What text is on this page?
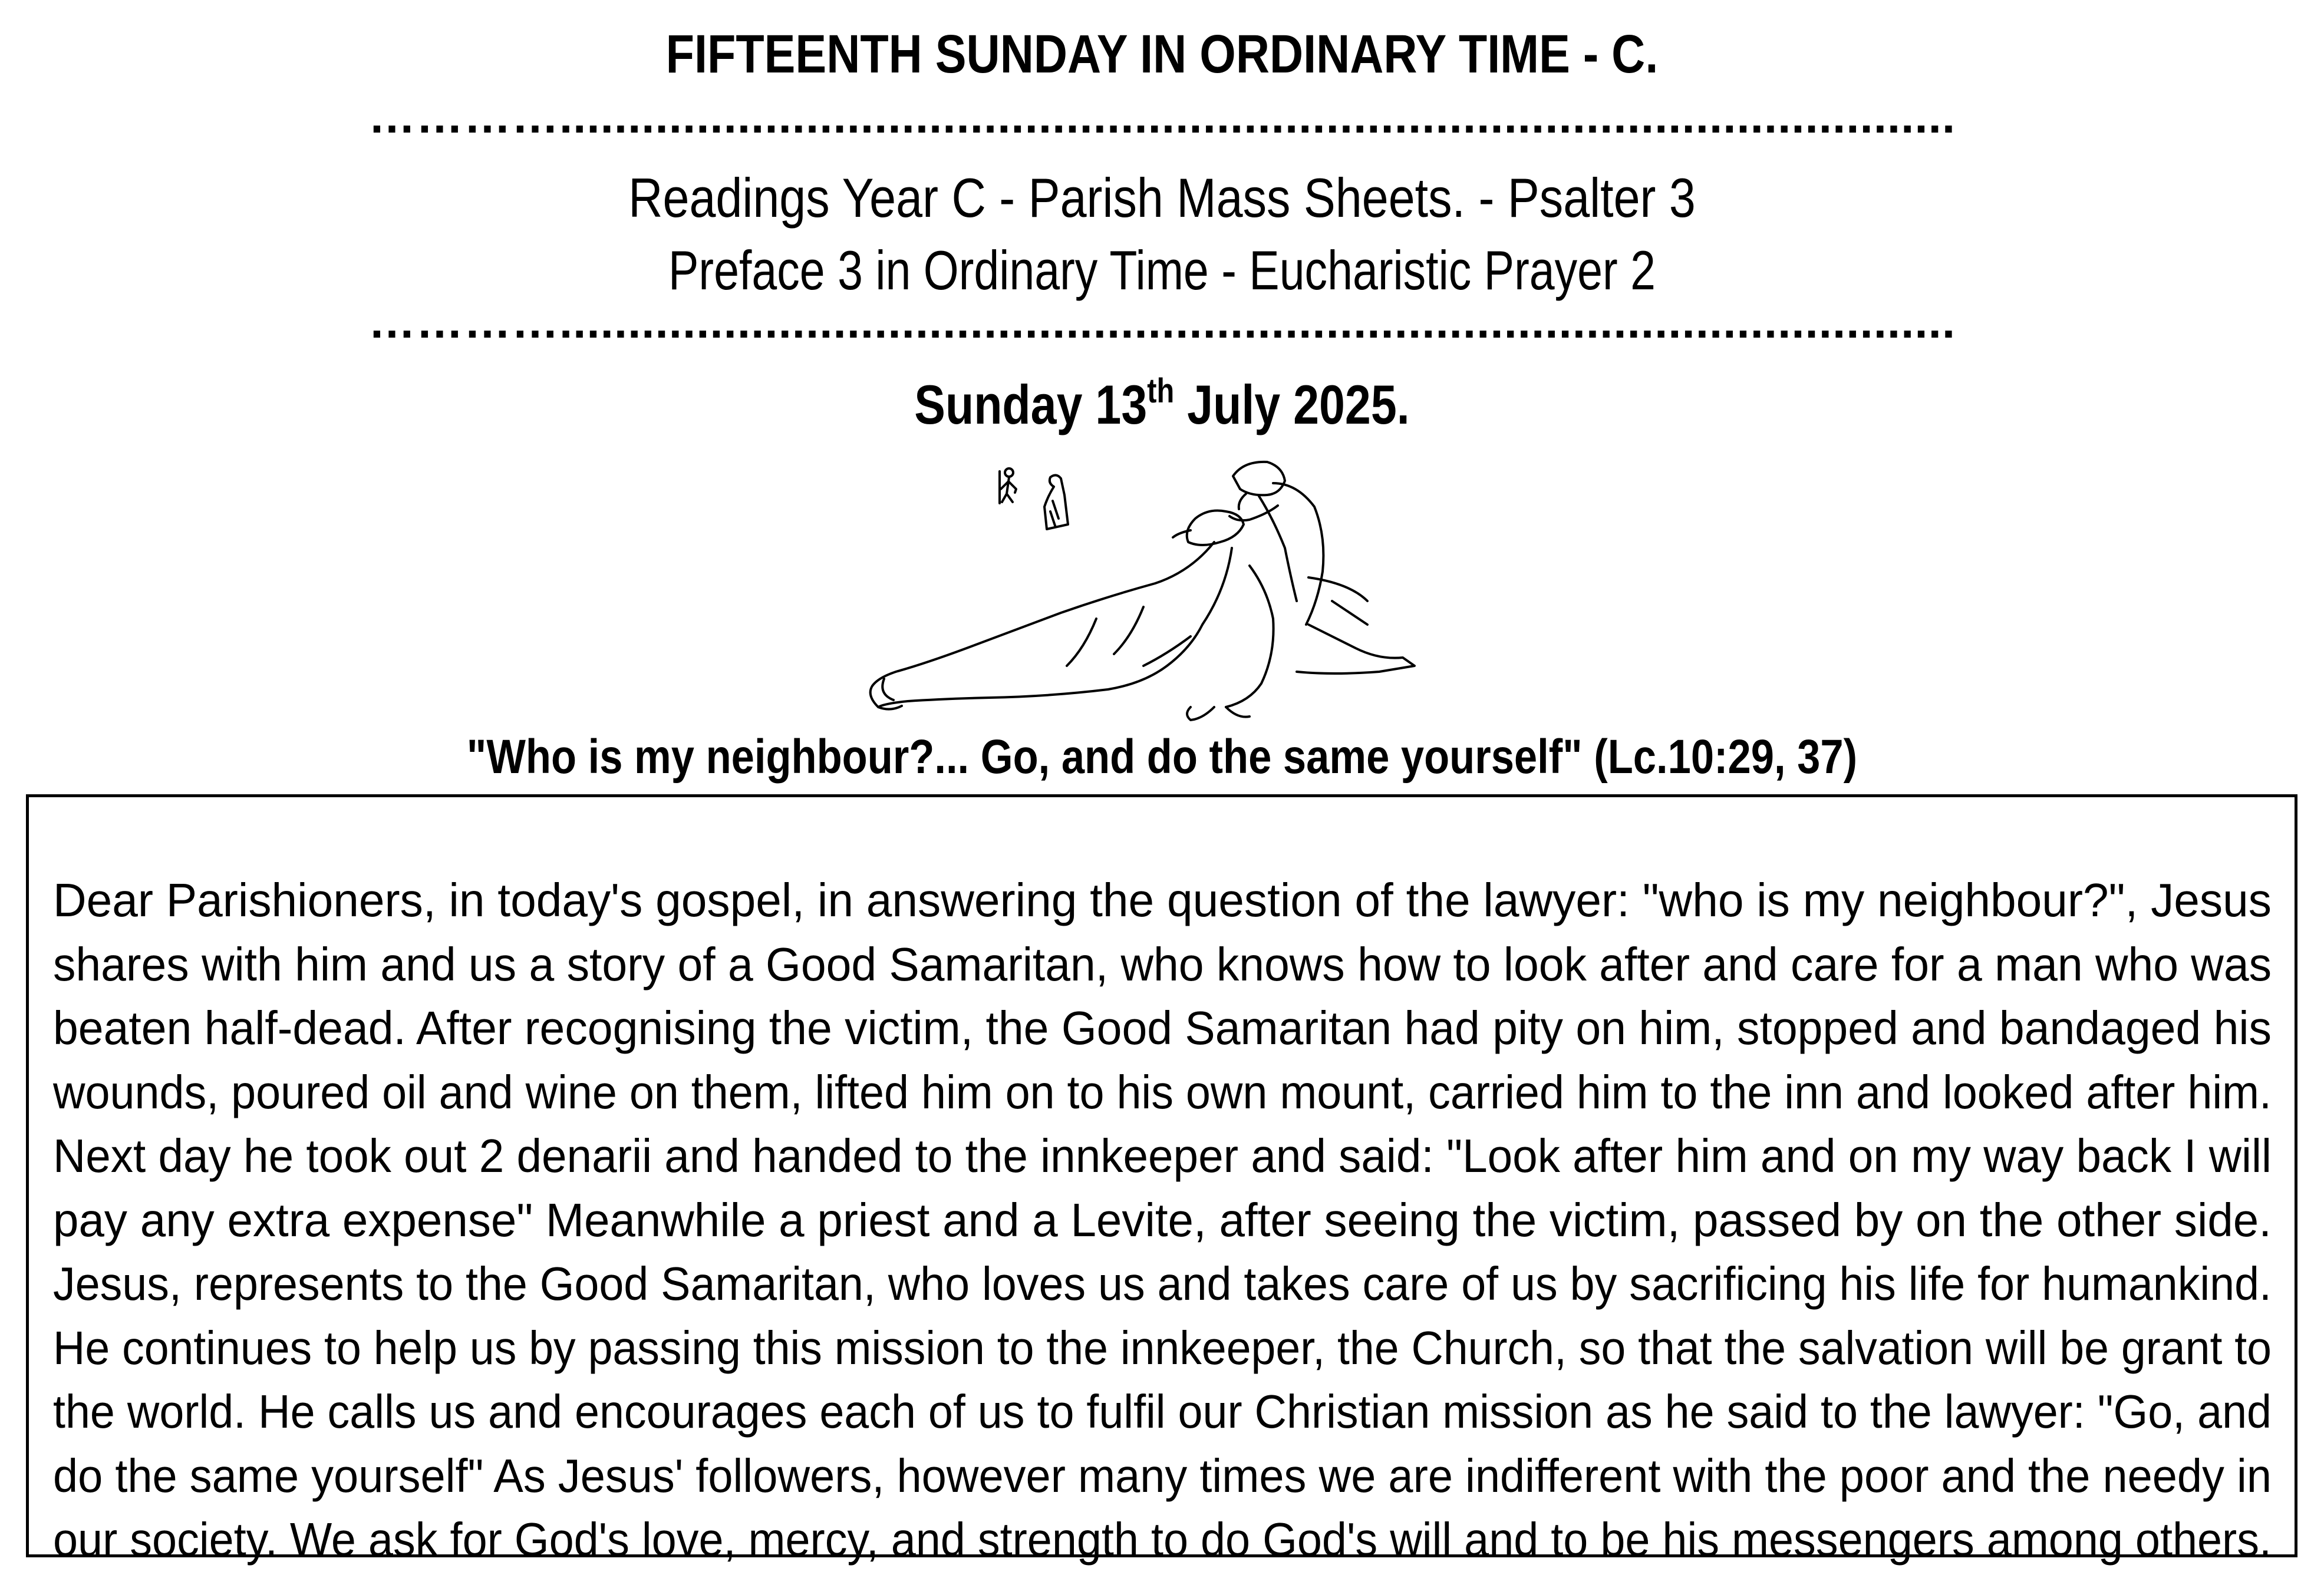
FIFTEENTH SUNDAY IN ORDINARY TIME - C.
…………......................................................................................................
Readings Year C - Parish Mass Sheets. - Psalter 3
Preface 3 in Ordinary Time - Eucharistic Prayer 2
…………......................................................................................................
Sunday 13th July 2025.
"Who is my neighbour?... Go, and do the same yourself" (Lc.10:29, 37)
Dear Parishioners, in today's gospel, in answering the question of the lawyer: "who is my neighbour?", Jesus
shares with him and us a story of a Good Samaritan, who knows how to look after and care for a man who was
beaten half-dead. After recognising the victim, the Good Samaritan had pity on him, stopped and bandaged his
wounds, poured oil and wine on them, lifted him on to his own mount, carried him to the inn and looked after him.
Next day he took out 2 denarii and handed to the innkeeper and said: "Look after him and on my way back I will
pay any extra expense" Meanwhile a priest and a Levite, after seeing the victim, passed by on the other side.
Jesus, represents to the Good Samaritan, who loves us and takes care of us by sacrificing his life for humankind.
He continues to help us by passing this mission to the innkeeper, the Church, so that the salvation will be grant to
the world. He calls us and encourages each of us to fulfil our Christian mission as he said to the lawyer: "Go, and
do the same yourself" As Jesus' followers, however many times we are indifferent with the poor and the needy in
our society. We ask for God's love, mercy, and strength to do God's will and to be his messengers among others.
